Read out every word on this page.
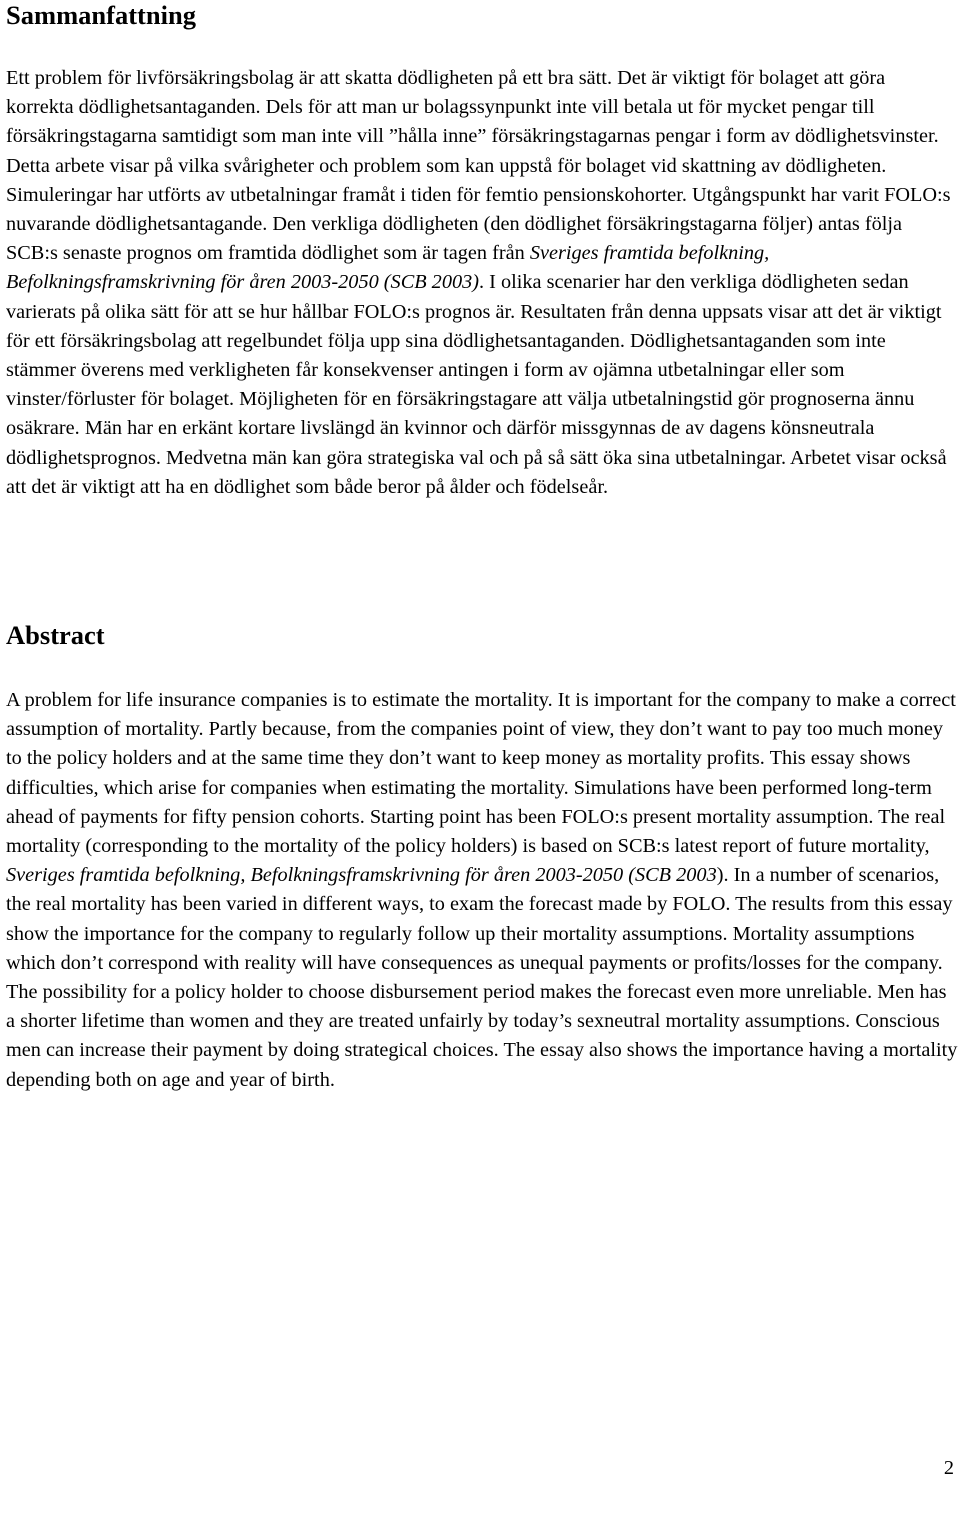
Sammanfattning

Ett problem för livförsäkringsbolag är att skatta dödligheten på ett bra sätt. Det är viktigt för bolaget att göra korrekta dödlighetsantaganden. Dels för att man ur bolagssynpunkt inte vill betala ut för mycket pengar till försäkringstagarna samtidigt som man inte vill ”hålla inne” försäkringstagarnas pengar i form av dödlighetsvinster. Detta arbete visar på vilka svårigheter och problem som kan uppstå för bolaget vid skattning av dödligheten. Simuleringar har utförts av utbetalningar framåt i tiden för femtio pensionskohorter. Utgångspunkt har varit FOLO:s nuvarande dödlighetsantagande. Den verkliga dödligheten (den dödlighet försäkringstagarna följer) antas följa SCB:s senaste prognos om framtida dödlighet som är tagen från Sveriges framtida befolkning, Befolkningsframskrivning för åren 2003-2050 (SCB 2003). I olika scenarier har den verkliga dödligheten sedan varierats på olika sätt för att se hur hållbar FOLO:s prognos är. Resultaten från denna uppsats visar att det är viktigt för ett försäkringsbolag att regelbundet följa upp sina dödlighetsantaganden. Dödlighetsantaganden som inte stämmer överens med verkligheten får konsekvenser antingen i form av ojämna utbetalningar eller som vinster/förluster för bolaget. Möjligheten för en försäkringstagare att välja utbetalningstid gör prognoserna ännu osäkrare. Män har en erkänt kortare livslängd än kvinnor och därför missgynnas de av dagens könsneutrala dödlighetsprognos. Medvetna män kan göra strategiska val och på så sätt öka sina utbetalningar. Arbetet visar också att det är viktigt att ha en dödlighet som både beror på ålder och födelseår.

Abstract

A problem for life insurance companies is to estimate the mortality. It is important for the company to make a correct assumption of mortality. Partly because, from the companies point of view, they don’t want to pay too much money to the policy holders and at the same time they don’t want to keep money as mortality profits. This essay shows difficulties, which arise for companies when estimating the mortality. Simulations have been performed long-term ahead of payments for fifty pension cohorts. Starting point has been FOLO:s present mortality assumption. The real mortality (corresponding to the mortality of the policy holders) is based on SCB:s latest report of future mortality, Sveriges framtida befolkning, Befolkningsframskrivning för åren 2003-2050 (SCB 2003). In a number of scenarios, the real mortality has been varied in different ways, to exam the forecast made by FOLO. The results from this essay show the importance for the company to regularly follow up their mortality assumptions. Mortality assumptions which don’t correspond with reality will have consequences as unequal payments or profits/losses for the company. The possibility for a policy holder to choose disbursement period makes the forecast even more unreliable. Men has a shorter lifetime than women and they are treated unfairly by today’s sexneutral mortality assumptions. Conscious men can increase their payment by doing strategical choices. The essay also shows the importance having a mortality depending both on age and year of birth.

2
